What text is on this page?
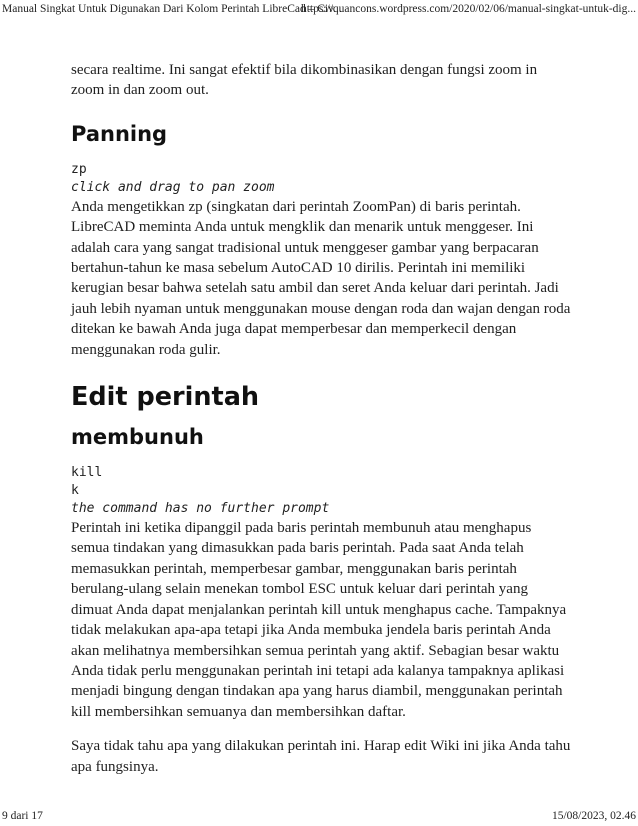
Manual Singkat Untuk Digunakan Dari Kolom Perintah LibreCad – Civ...
https://quancons.wordpress.com/2020/02/06/manual-singkat-untuk-dig...

secara realtime. Ini sangat efektif bila dikombinasikan dengan fungsi zoom in zoom in dan zoom out.

Panning
zp
click and drag to pan zoom

Anda mengetikkan zp (singkatan dari perintah ZoomPan) di baris perintah. LibreCAD meminta Anda untuk mengklik dan menarik untuk menggeser. Ini adalah cara yang sangat tradisional untuk menggeser gambar yang berpacaran bertahun-tahun ke masa sebelum AutoCAD 10 dirilis. Perintah ini memiliki kerugian besar bahwa setelah satu ambil dan seret Anda keluar dari perintah. Jadi jauh lebih nyaman untuk menggunakan mouse dengan roda dan wajan dengan roda ditekan ke bawah Anda juga dapat memperbesar dan memperkecil dengan menggunakan roda gulir.

Edit perintah
membunuh
kill
k
the command has no further prompt

Perintah ini ketika dipanggil pada baris perintah membunuh atau menghapus semua tindakan yang dimasukkan pada baris perintah. Pada saat Anda telah memasukkan perintah, memperbesar gambar, menggunakan baris perintah berulang-ulang selain menekan tombol ESC untuk keluar dari perintah yang dimuat Anda dapat menjalankan perintah kill untuk menghapus cache. Tampaknya tidak melakukan apa-apa tetapi jika Anda membuka jendela baris perintah Anda akan melihatnya membersihkan semua perintah yang aktif. Sebagian besar waktu Anda tidak perlu menggunakan perintah ini tetapi ada kalanya tampaknya aplikasi menjadi bingung dengan tindakan apa yang harus diambil, menggunakan perintah kill membersihkan semuanya dan membersihkan daftar.

Saya tidak tahu apa yang dilakukan perintah ini. Harap edit Wiki ini jika Anda tahu apa fungsinya.

9 dari 17	15/08/2023, 02.46
